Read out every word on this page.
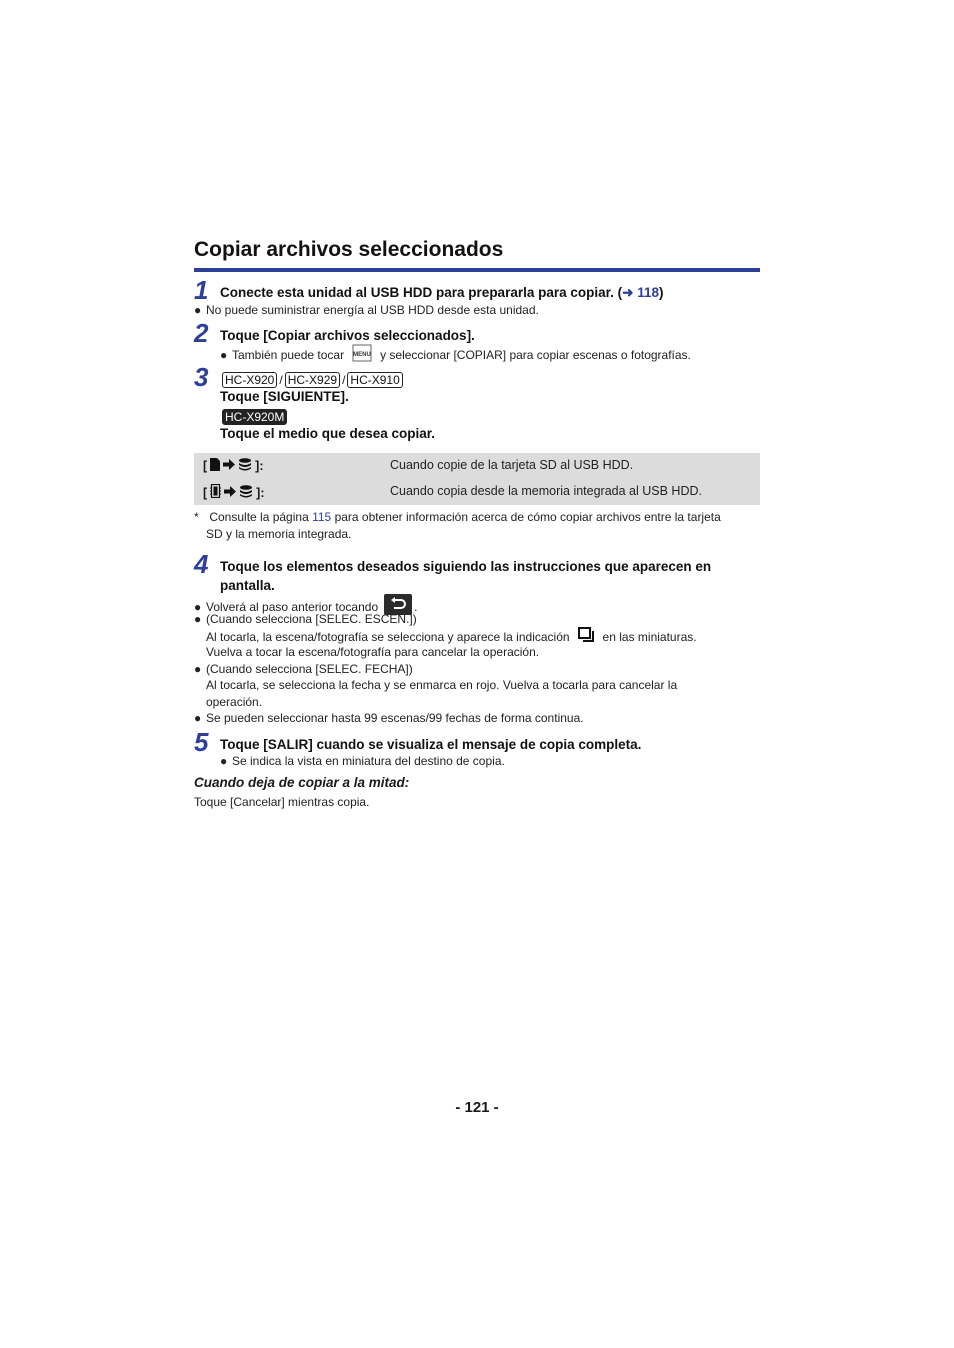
Copiar archivos seleccionados
1 Conecte esta unidad al USB HDD para prepararla para copiar. (➜ 118)
● No puede suministrar energía al USB HDD desde esta unidad.
2 Toque [Copiar archivos seleccionados].
● También puede tocar MENU y seleccionar [COPIAR] para copiar escenas o fotografías.
3 HC-X920 / HC-X929 / HC-X910
Toque [SIGUIENTE].
HC-X920M
Toque el medio que desea copiar.
[	]:	Cuando copie de la tarjeta SD al USB HDD.
[	]:	Cuando copia desde la memoria integrada al USB HDD.
* Consulte la página 115 para obtener información acerca de cómo copiar archivos entre la tarjeta
SD y la memoria integrada.
4 Toque los elementos deseados siguiendo las instrucciones que aparecen en
pantalla.
● Volverá al paso anterior tocando	.
● (Cuando selecciona [SELEC. ESCEN.])
Al tocarla, la escena/fotografía se selecciona y aparece la indicación	en las miniaturas.
Vuelva a tocar la escena/fotografía para cancelar la operación.
● (Cuando selecciona [SELEC. FECHA])
Al tocarla, se selecciona la fecha y se enmarca en rojo. Vuelva a tocarla para cancelar la
operación.
● Se pueden seleccionar hasta 99 escenas/99 fechas de forma continua.
5 Toque [SALIR] cuando se visualiza el mensaje de copia completa.
● Se indica la vista en miniatura del destino de copia.
Cuando deja de copiar a la mitad:
Toque [Cancelar] mientras copia.
- 121 -
